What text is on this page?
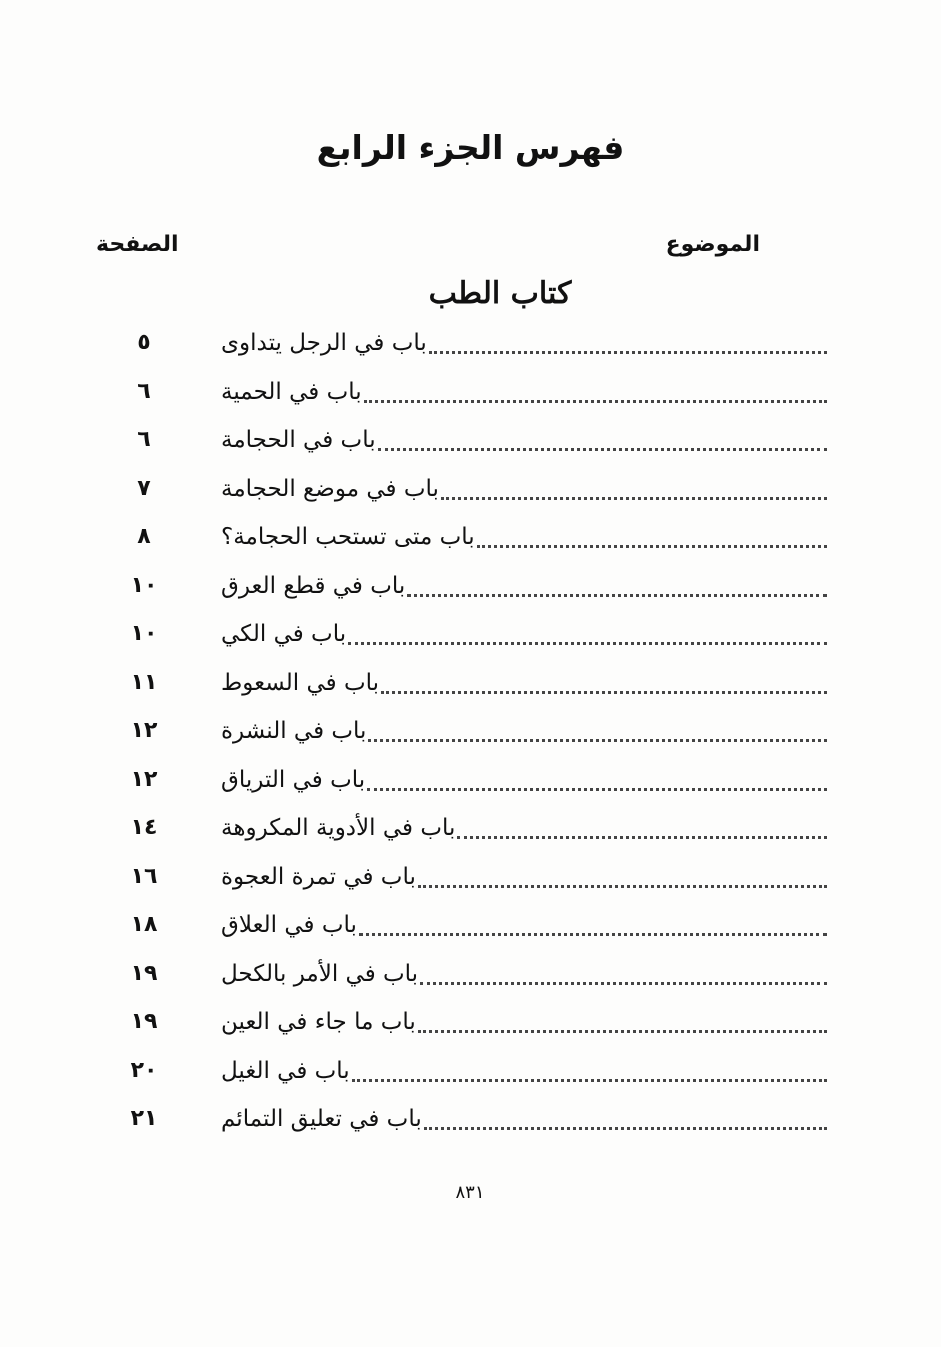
فهرس الجزء الرابع
الموضوع
الصفحة
كتاب الطب
باب في الرجل يتداوى
٥
باب في الحمية
٦
باب في الحجامة
٦
باب في موضع الحجامة
٧
باب متى تستحب الحجامة؟
٨
باب في قطع العرق
١٠
باب في الكي
١٠
باب في السعوط
١١
باب في النشرة
١٢
باب في الترياق
١٢
باب في الأدوية المكروهة
١٤
باب في تمرة العجوة
١٦
باب في العلاق
١٨
باب في الأمر بالكحل
١٩
باب ما جاء في العين
١٩
باب في الغيل
٢٠
باب في تعليق التمائم
٢١
٨٣١
